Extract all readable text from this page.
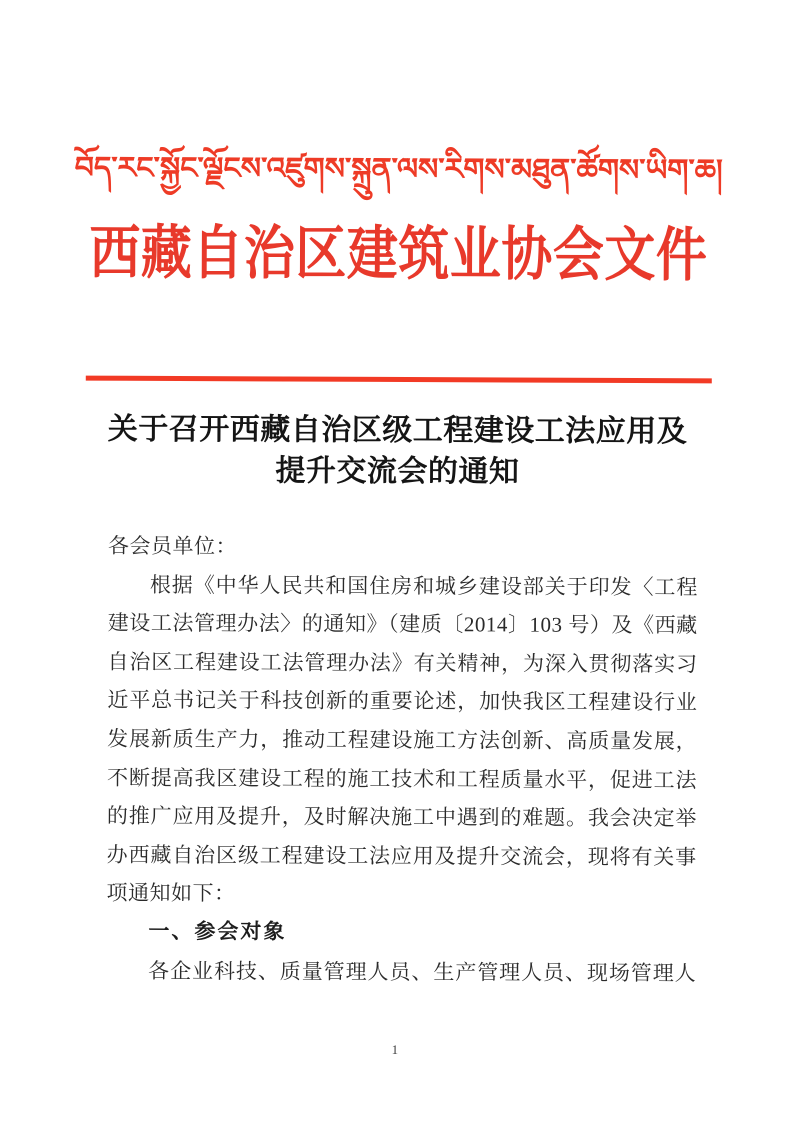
བོད་རང་སྐྱོང་ལྗོངས་འཛུགས་སྐྲུན་ལས་རིགས་མཐུན་ཚོགས་ཡིག་ཆ།
西藏自治区建筑业协会文件
关于召开西藏自治区级工程建设工法应用及
提升交流会的通知
各会员单位：
根据《中华人民共和国住房和城乡建设部关于印发〈工程
建设工法管理办法〉的通知》（建质〔2014〕103 号）及《西藏
自治区工程建设工法管理办法》有关精神，为深入贯彻落实习
近平总书记关于科技创新的重要论述，加快我区工程建设行业
发展新质生产力，推动工程建设施工方法创新、高质量发展，
不断提高我区建设工程的施工技术和工程质量水平，促进工法
的推广应用及提升，及时解决施工中遇到的难题。我会决定举
办西藏自治区级工程建设工法应用及提升交流会，现将有关事
项通知如下：
一、参会对象
各企业科技、质量管理人员、生产管理人员、现场管理人
1
